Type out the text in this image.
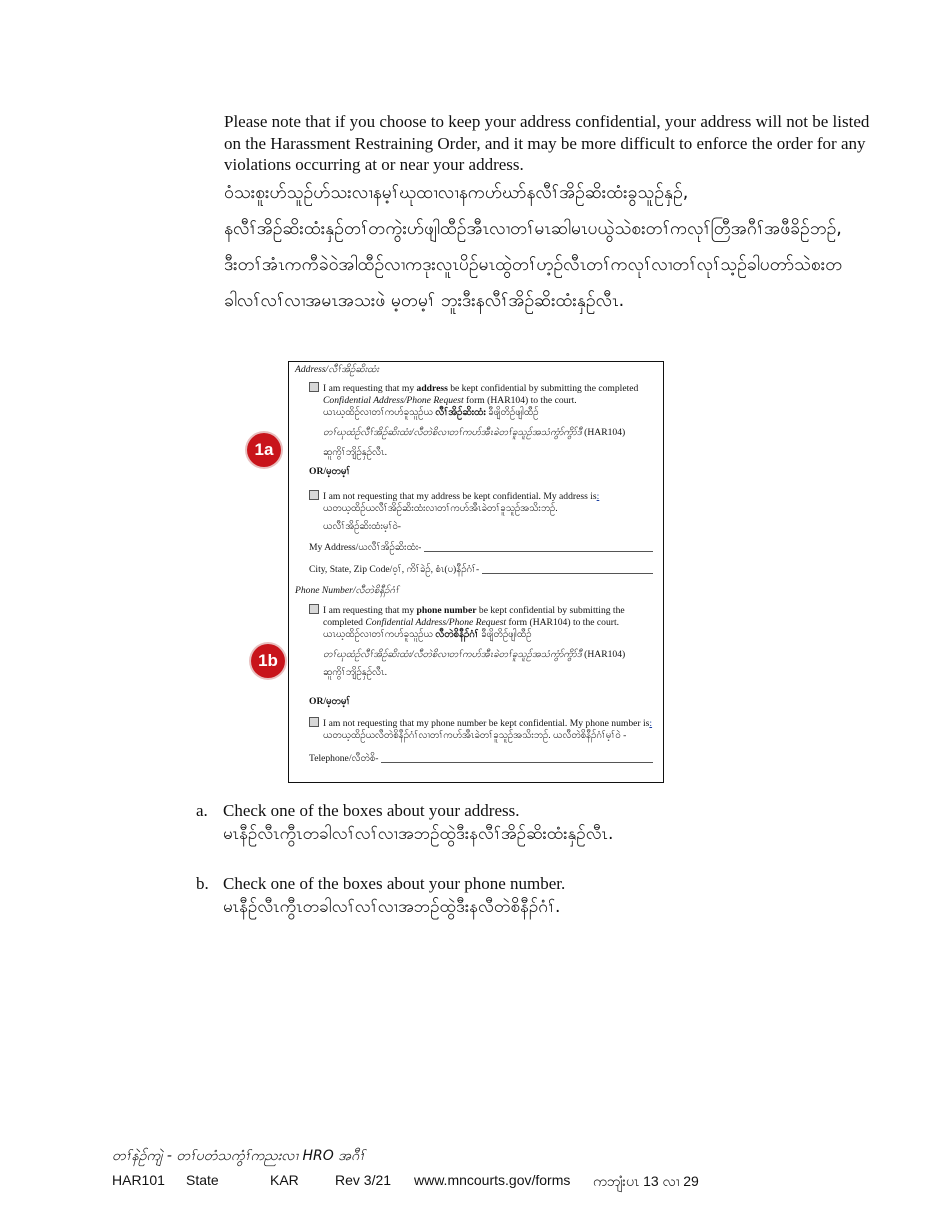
Please note that if you choose to keep your address confidential, your address will not be listed on the Harassment Restraining Order, and it may be more difficult to enforce the order for any violations occurring at or near your address.
ဝံသးစူးဟ်သူဉ်ဟ်သးလၢနမ့ၢ်ဃုထၢလၢနကဟ်ဃာ်နလီၢ်အိဉ်ဆိးထံးခွသူဉ်နှဉ်,
နလီၢ်အိဉ်ဆိးထံးနှဉ်တၢ်တကွဲးဟ်ဖျါထီဉ်အီၤလၢတၢ်မၤဆါမၤပယွဲသဲစးတၢ်ကလုၢ်တြီအဂီၢ်အဖီခိဉ်ဘဉ်,
ဒီးတၢ်အံၤကကီခဲဝဲအါထီဉ်လၢကဒုးလူၤပိဉ်မၤထွဲတၢ်ဟ့ဉ်လီၤတၢ်ကလုၢ်လၢတၢ်လုၢ်သ့ဉ်ခါပတာ်သဲစးတ
ခါလၢ်လၢ်လၢအမၤအသးဖဲ မ့တမ့ၢ် ဘူးဒီးနလီၢ်အိဉ်ဆိးထံးနှဉ်လီၤ.
Address/လီၢ်အိဉ်ဆိးထံး
I am requesting that my address be kept confidential by submitting the completed
Confidential Address/Phone Request form (HAR104) to the court.
ယၤဃ့ထိဉ်လၢတၢ်ကဟ်ခူသူဉ်ယ လီၢ်အိဉ်ဆိးထံး ခီဖျိတိဉ်ဖျါထီဉ်
တၢ်ဃုထံဉ်လီၢ်အိဉ်ဆိးထံး/လီတဲစိလၢတၢ်ကဟ်အီၤခဲတၢ်ခူသူဉ်အသံကွံာ်ကွိာ်ဒီ (HAR104)
ဆူကွိၢ်ဘျိဉ်နှဉ်လီၤ.
OR/မ့တမ့ၢ်
I am not requesting that my address be kept confidential. My address is:
ယတယ့ထိဉ်ယလီၢ်အိဉ်ဆိးထံးလၢတၢ်ကဟ်အီၤခဲတၢ်ခူသူဉ်အသိးဘဉ်.
ယလီၢ်အိဉ်ဆိးထံးမ့ၢ်ဝဲ-
My Address/ယလီၢ်အိဉ်ဆိးထံး-
City, State, Zip Code/ဝ့ၢ်, ကိၢ်ခဲဉ်, စံၤ(ပ)နီၣ်ဂံၢ်-
Phone Number/လီတဲစိနီၣ်ဂံၢ်
I am requesting that my phone number be kept confidential by submitting the
completed Confidential Address/Phone Request form (HAR104) to the court.
ယၤဃ့ထိဉ်လၢတၢ်ကဟ်ခူသူဉ်ယ လီတဲစိနီၣ်ဂံၢ် ခီဖျိတိဉ်ဖျါထီဉ်
တၢ်ဃုထံဉ်လီၢ်အိဉ်ဆိးထံး/လီတဲစိလၢတၢ်ကဟ်အီၤခဲတၢ်ခူသူဉ်အသံကွံာ်ကွိာ်ဒီ (HAR104)
ဆူကွိၢ်ဘျိဉ်နှဉ်လီၤ.
OR/မ့တမ့ၢ်
I am not requesting that my phone number be kept confidential. My phone number is:
ယတယ့ထိဉ်ယလီတဲစိနီၣ်ဂံၢ်လၢတၢ်ကဟ်အီၤခဲတၢ်ခူသူဉ်အသိးဘဉ်. ယလီတဲစိနီၣ်ဂံၢ်မ့ၢ်ဝဲ -
Telephone/လီတဲစိ-
1a
1b
a. Check one of the boxes about your address.
မၤနီဉ်လီၤကွီၤတခါလၢ်လၢ်လၢအဘဉ်ထွဲဒီးနလီၢ်အိဉ်ဆိးထံးနှဉ်လီၤ.
b. Check one of the boxes about your phone number.
မၤနီဉ်လီၤကွီၤတခါလၢ်လၢ်လၢအဘဉ်ထွဲဒီးနလီတဲစိနီၣ်ဂံၢ်.
တၢ်နဲဉ်ကျဲ - တၢ်ပတံသကွံၢ်ကညးလၢ HRO အဂီၢ်
HAR101 State	KAR	Rev 3/21 www.mncourts.gov/forms ကဘျံးပၤ 13 လၢ 29
